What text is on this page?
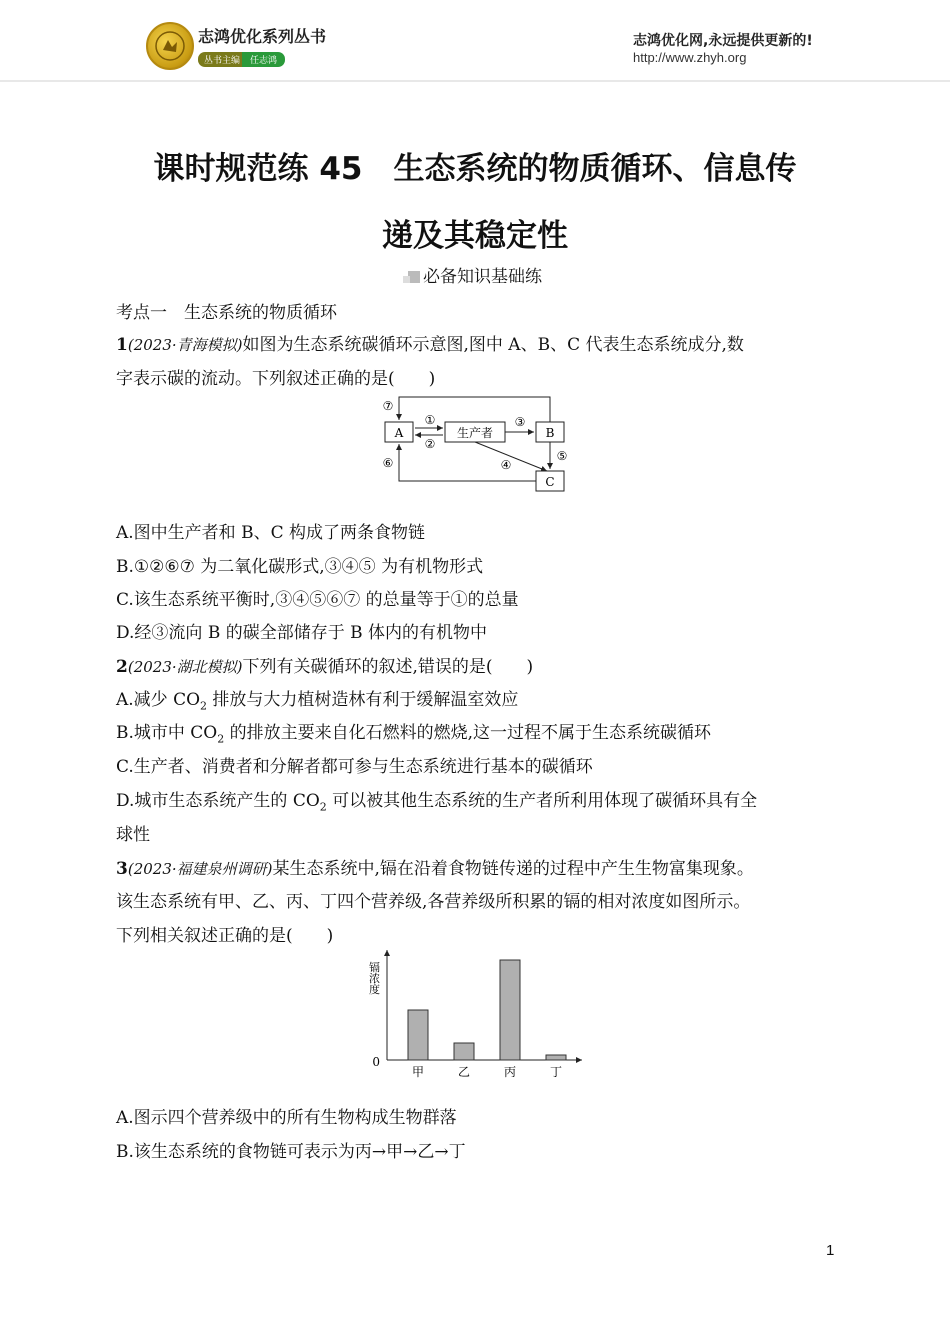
志鸿优化系列丛书
丛书主编 任志鸿
志鸿优化网,永远提供更新的!
http://www.zhyh.org
课时规范练 45　生态系统的物质循环、信息传
递及其稳定性
必备知识基础练
考点一　生态系统的物质循环
1(2023·青海模拟)如图为生态系统碳循环示意图,图中 A、B、C 代表生态系统成分,数
字表示碳的流动。下列叙述正确的是(　　)
A	生产者	B
C
①
②
③
④
⑤
⑥
⑦
A.图中生产者和 B、C 构成了两条食物链
B.①②⑥⑦ 为二氧化碳形式,③④⑤ 为有机物形式
C.该生态系统平衡时,③④⑤⑥⑦ 的总量等于①的总量
D.经③流向 B 的碳全部储存于 B 体内的有机物中
2(2023·湖北模拟)下列有关碳循环的叙述,错误的是(　　)
A.减少 $CO_2$ 排放与大力植树造林有利于缓解温室效应
B.城市中 $CO_2$ 的排放主要来自化石燃料的燃烧,这一过程不属于生态系统碳循环
C.生产者、消费者和分解者都可参与生态系统进行基本的碳循环
D.城市生态系统产生的 $CO_2$ 可以被其他生态系统的生产者所利用体现了碳循环具有全
球性
3(2023·福建泉州调研)某生态系统中,镉在沿着食物链传递的过程中产生生物富集现象。
该生态系统有甲、乙、丙、丁四个营养级,各营养级所积累的镉的相对浓度如图所示。
下列相关叙述正确的是(　　)
0
镉浓度
甲	乙	丙	丁
A.图示四个营养级中的所有生物构成生物群落
B.该生态系统的食物链可表示为丙→甲→乙→丁
1
